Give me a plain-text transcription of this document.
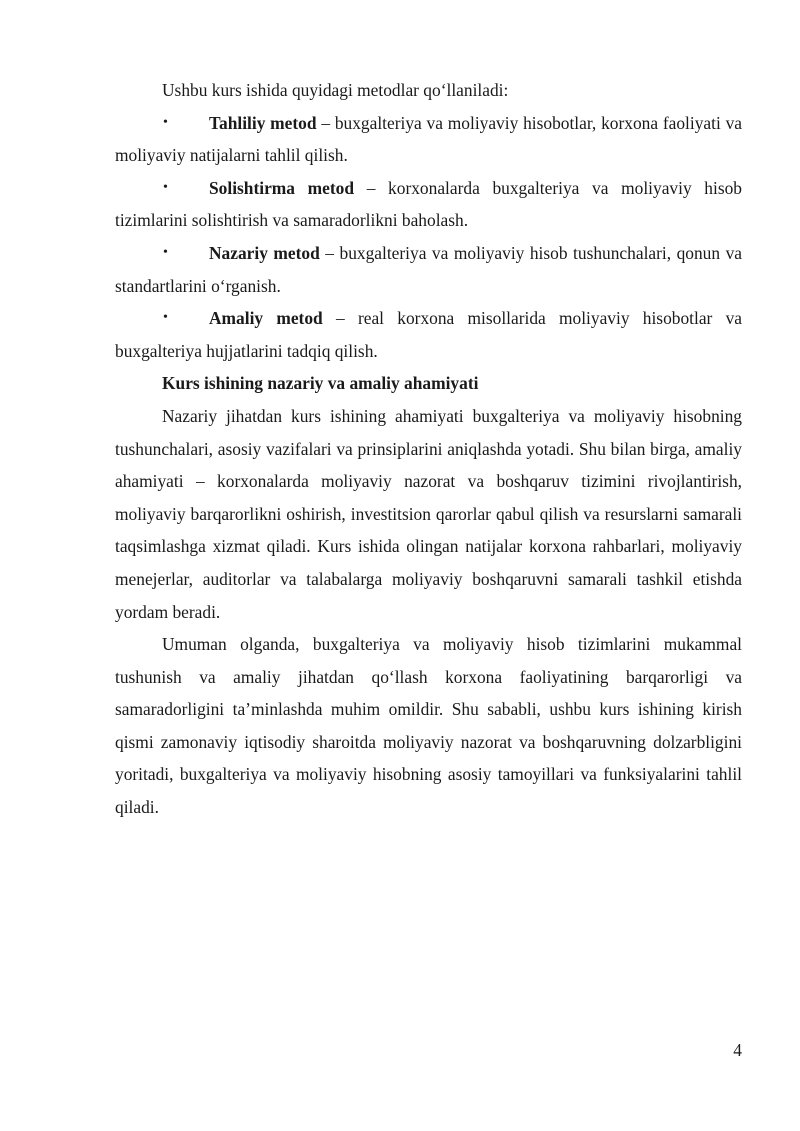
Ushbu kurs ishida quyidagi metodlar qo‘llaniladi:

• Tahliliy metod – buxgalteriya va moliyaviy hisobotlar, korxona faoliyati va moliyaviy natijalarni tahlil qilish.

• Solishtirma metod – korxonalarda buxgalteriya va moliyaviy hisob tizimlarini solishtirish va samaradorlikni baholash.

• Nazariy metod – buxgalteriya va moliyaviy hisob tushunchalari, qonun va standartlarini o‘rganish.

• Amaliy metod – real korxona misollarida moliyaviy hisobotlar va buxgalteriya hujjatlarini tadqiq qilish.

Kurs ishining nazariy va amaliy ahamiyati

Nazariy jihatdan kurs ishining ahamiyati buxgalteriya va moliyaviy hisobning tushunchalari, asosiy vazifalari va prinsiplarini aniqlashda yotadi. Shu bilan birga, amaliy ahamiyati – korxonalarda moliyaviy nazorat va boshqaruv tizimini rivojlantirish, moliyaviy barqarorlikni oshirish, investitsion qarorlar qabul qilish va resurslarni samarali taqsimlashga xizmat qiladi. Kurs ishida olingan natijalar korxona rahbarlari, moliyaviy menejerlar, auditorlar va talabalarga moliyaviy boshqaruvni samarali tashkil etishda yordam beradi.

Umuman olganda, buxgalteriya va moliyaviy hisob tizimlarini mukammal tushunish va amaliy jihatdan qo‘llash korxona faoliyatining barqarorligi va samaradorligini ta’minlashda muhim omildir. Shu sababli, ushbu kurs ishining kirish qismi zamonaviy iqtisodiy sharoitda moliyaviy nazorat va boshqaruvning dolzarbligini yoritadi, buxgalteriya va moliyaviy hisobning asosiy tamoyillari va funksiyalarini tahlil qiladi.

4
